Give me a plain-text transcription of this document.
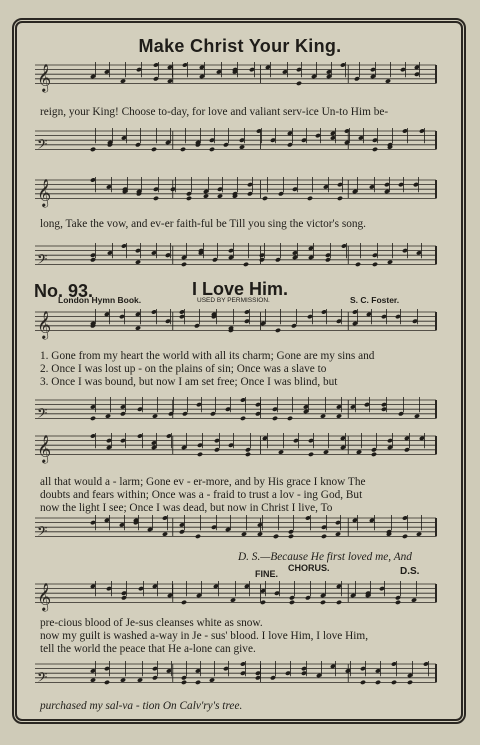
Make Christ Your King.
𝄞
𝄢
𝄞
𝄢
𝄞
𝄢
𝄞
𝄢
𝄞
𝄢
reign, your King! Choose to-day, for love and valiant serv-ice Un-to Him be-
long, Take the vow, and ev-er faith-ful be Till you sing the victor's song.
No. 93.	I Love Him.
London Hymn Book.	USED BY PERMISSION.	S. C. Foster.
1. Gone from my heart the world with all its charm; Gone are my sins and
2. Once I was lost up - on the plains of sin; Once was a slave to
3. Once I was bound, but now I am set free; Once I was blind, but
all that would a - larm; Gone ev - er-more, and by His grace I know The
doubts and fears within; Once was a - fraid to trust a lov - ing God, But
now the light I see; Once I was dead, but now in Christ I live, To
D. S.—Because He first loved me, And
FINE.
CHORUS.	D.S.
pre-cious blood of Je-sus cleanses white as snow.
now my guilt is washed a-way in Je - sus' blood. I love Him, I love Him,
tell the world the peace that He a-lone can give.
purchased my sal-va - tion On Calv'ry's tree.
